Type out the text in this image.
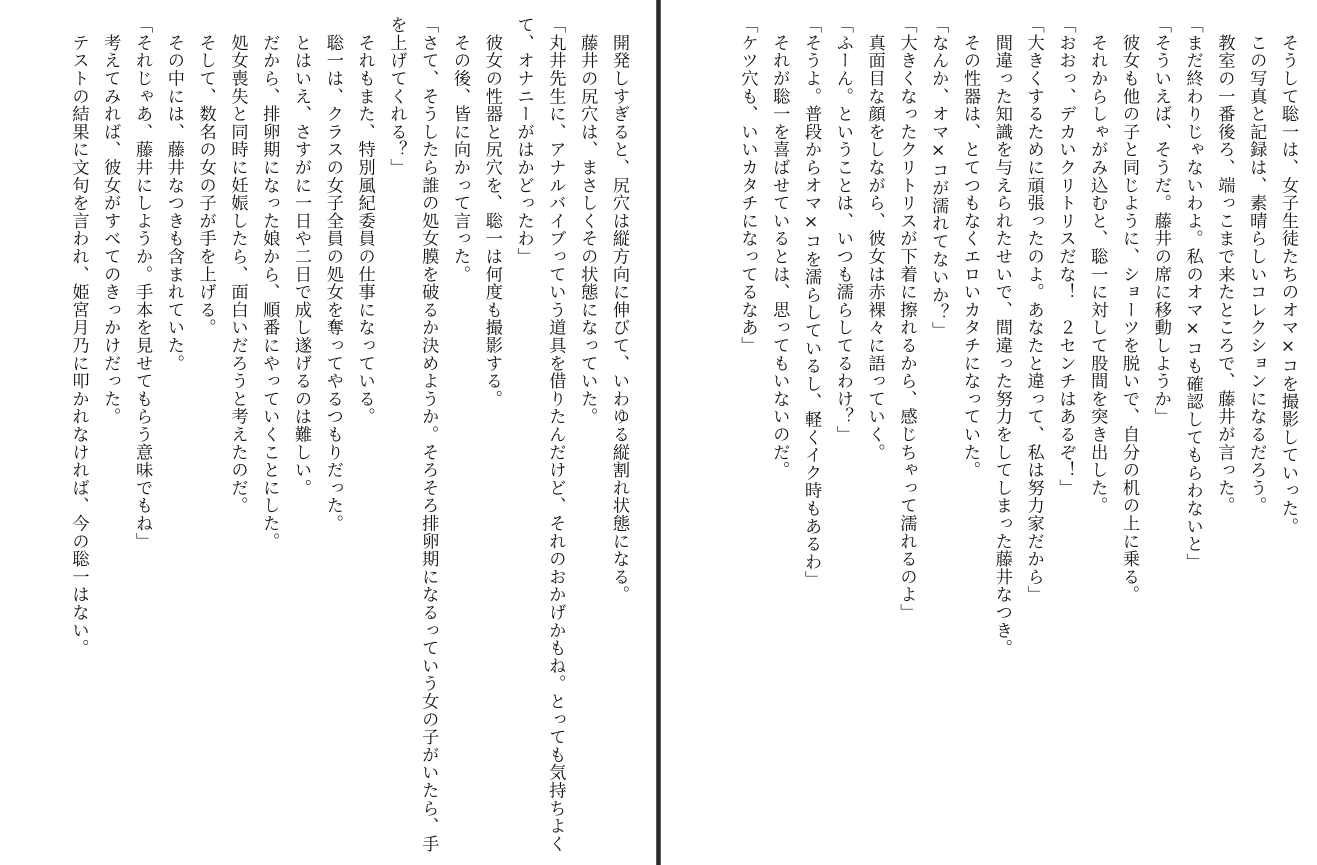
　開発しすぎると、尻穴は縦方向に伸びて、いわゆる縦割れ状態になる。
　藤井の尻穴は、まさしくその状態になっていた。
「丸井先生に、アナルバイブっていう道具を借りたんだけど、それのおかげかもね。とっても気持ちよくて、オナニーがはかどったわ」
　彼女の性器と尻穴を、聡一は何度も撮影する。
　その後、皆に向かって言った。
「さて、そうしたら誰の処女膜を破るか決めようか。そろそろ排卵期になるっていう女の子がいたら、手を上げてくれる？」
　それもまた、特別風紀委員の仕事になっている。
　聡一は、クラスの女子全員の処女を奪ってやるつもりだった。
　とはいえ、さすがに一日や二日で成し遂げるのは難しい。
　だから、排卵期になった娘から、順番にやっていくことにした。
　処女喪失と同時に妊娠したら、面白いだろうと考えたのだ。
　そして、数名の女の子が手を上げる。
　その中には、藤井なつきも含まれていた。
「それじゃあ、藤井にしようか。手本を見せてもらう意味でもね」
　考えてみれば、彼女がすべてのきっかけだった。
　テストの結果に文句を言われ、姫宮月乃に叩かれなければ、今の聡一はない。	　そうして聡一は、女子生徒たちのオマ×コを撮影していった。
　この写真と記録は、素晴らしいコレクションになるだろう。
　教室の一番後ろ、端っこまで来たところで、藤井が言った。
「まだ終わりじゃないわよ。私のオマ×コも確認してもらわないと」
「そういえば、そうだ。藤井の席に移動しようか」
　彼女も他の子と同じように、ショーツを脱いで、自分の机の上に乗る。
　それからしゃがみ込むと、聡一に対して股間を突き出した。
「おおっ、デカいクリトリスだな！　２センチはあるぞ！」
「大きくするために頑張ったのよ。あなたと違って、私は努力家だから」
　間違った知識を与えられたせいで、間違った努力をしてしまった藤井なつき。
　その性器は、とてつもなくエロいカタチになっていた。
「なんか、オマ×コが濡れてないか？」
「大きくなったクリトリスが下着に擦れるから、感じちゃって濡れるのよ」
　真面目な顔をしながら、彼女は赤裸々に語っていく。
「ふーん。ということは、いつも濡らしてるわけ？」
「そうよ。普段からオマ×コを濡らしているし、軽くイク時もあるわ」
　それが聡一を喜ばせているとは、思ってもいないのだ。
「ケツ穴も、いいカタチになってるなあ」
